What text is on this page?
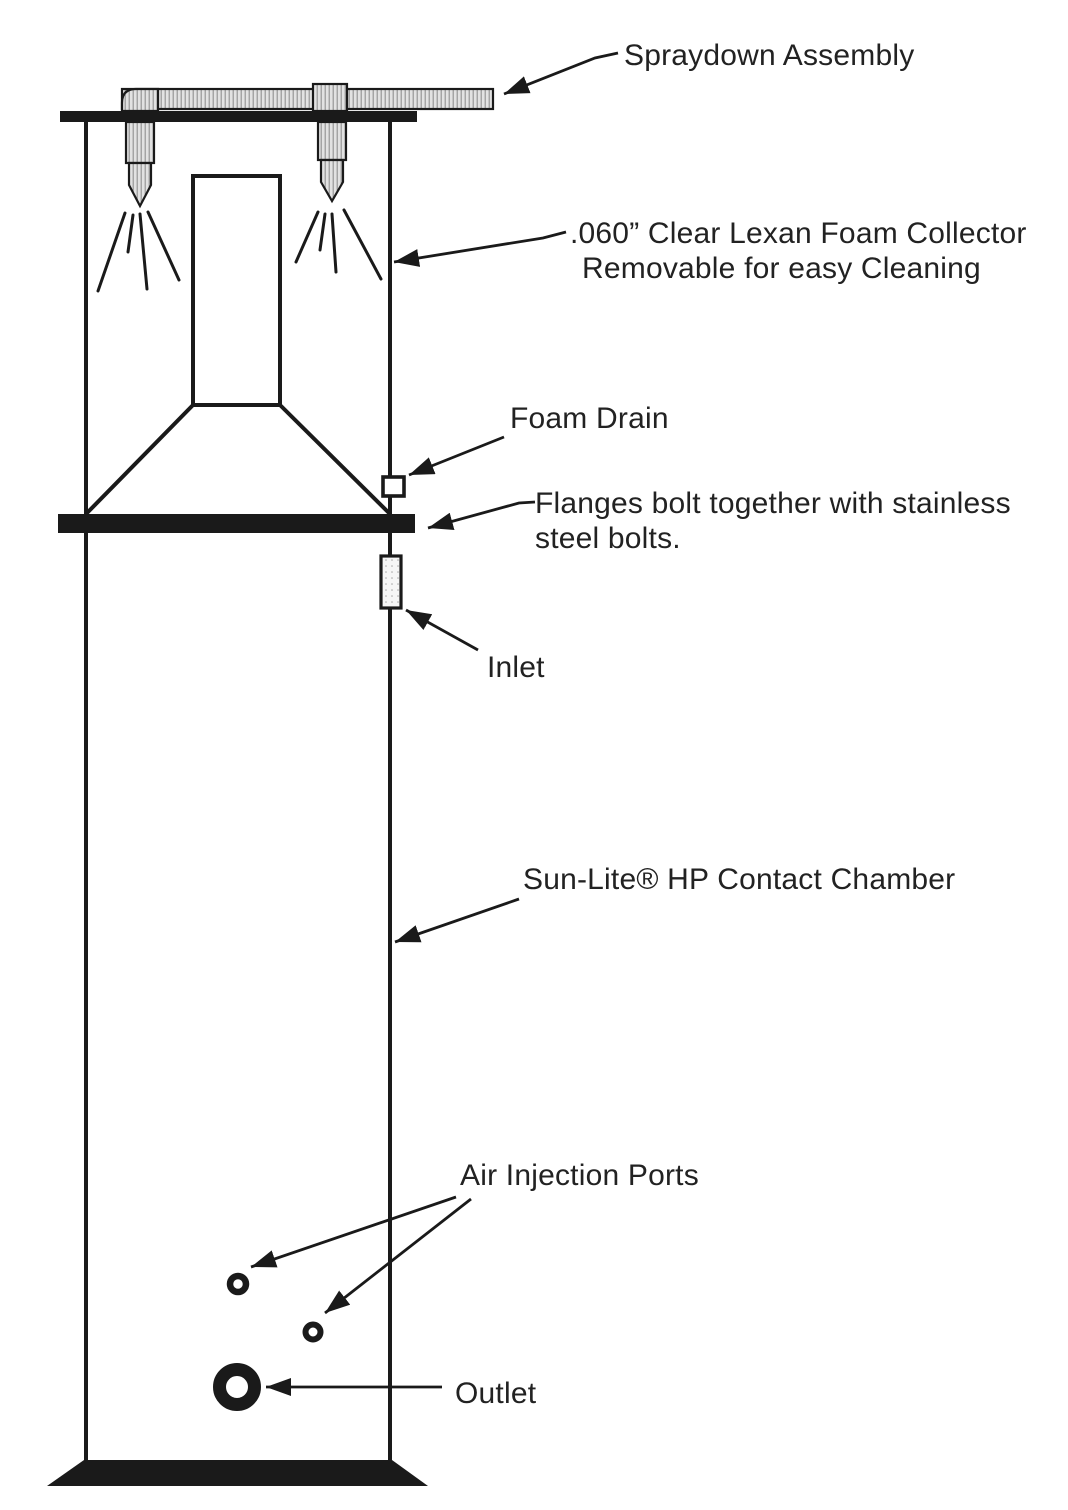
Spraydown Assembly
.060” Clear Lexan Foam Collector
Removable for easy Cleaning
Foam Drain
Flanges bolt together with stainless
steel bolts.
Inlet
Sun-Lite® HP Contact Chamber
Air Injection Ports
Outlet
